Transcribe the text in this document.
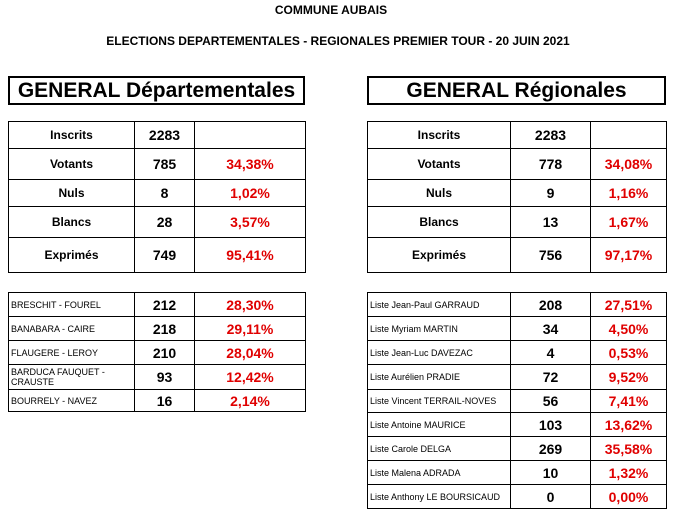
COMMUNE AUBAIS
ELECTIONS DEPARTEMENTALES - REGIONALES PREMIER TOUR - 20 JUIN 2021
GENERAL Départementales	GENERAL Régionales
Inscrits	2283	
Votants	785	34,38%
Nuls	8	1,02%
Blancs	28	3,57%
Exprimés	749	95,41%
Inscrits	2283	
Votants	778	34,08%
Nuls	9	1,16%
Blancs	13	1,67%
Exprimés	756	97,17%
BRESCHIT - FOUREL	212	28,30%
BANABARA - CAIRE	218	29,11%
FLAUGERE - LEROY	210	28,04%
BARDUCA FAUQUET - CRAUSTE	93	12,42%
BOURRELY - NAVEZ	16	2,14%
Liste Jean-Paul GARRAUD	208	27,51%
Liste Myriam MARTIN	34	4,50%
Liste Jean-Luc DAVEZAC	4	0,53%
Liste Aurélien PRADIE	72	9,52%
Liste Vincent TERRAIL-NOVES	56	7,41%
Liste Antoine MAURICE	103	13,62%
Liste Carole DELGA	269	35,58%
Liste Malena ADRADA	10	1,32%
Liste Anthony LE BOURSICAUD	0	0,00%
